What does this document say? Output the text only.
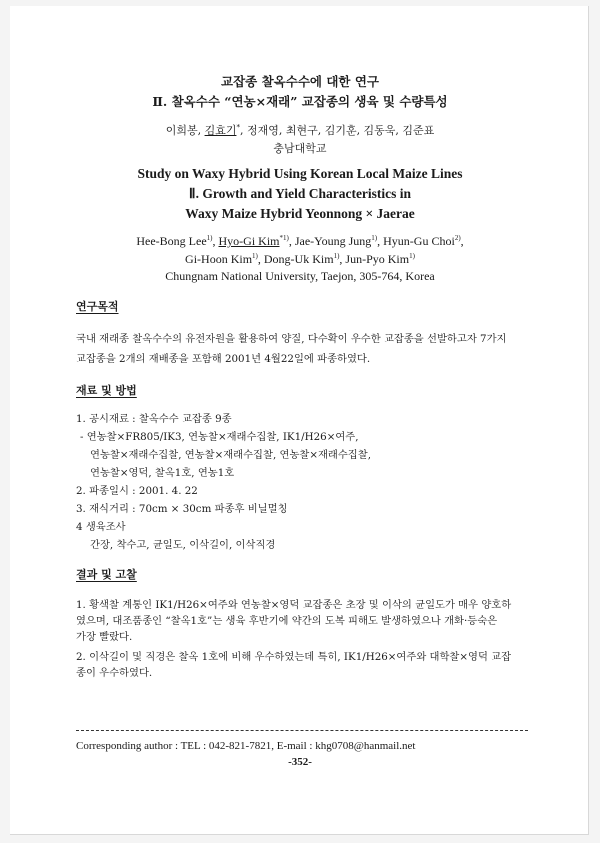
교잡종 찰옥수수에 대한 연구
Ⅱ. 찰옥수수 “연농×재래” 교잡종의 생육 및 수량특성
이희봉, 김효기*, 정재영, 최현구, 김기훈, 김동욱, 김준표
충남대학교
Study on Waxy Hybrid Using Korean Local Maize Lines
Ⅱ. Growth and Yield Characteristics in
Waxy Maize Hybrid Yeonnong × Jaerae
Hee-Bong Lee$^{1)}$, Hyo-Gi Kim$^{*1)}$, Jae-Young Jung$^{1)}$, Hyun-Gu Choi$^{2)}$,
Gi-Hoon Kim$^{1)}$, Dong-Uk Kim$^{1)}$, Jun-Pyo Kim$^{1)}$
Chungnam National University, Taejon, 305-764, Korea
연구목적
국내 재래종 찰옥수수의 유전자원을 활용하여 양질, 다수확이 우수한 교잡종을 선발하고자 7가지
교잡종을 2개의 재배종을 포함해 2001년 4월22일에 파종하였다.
재료 및 방법
1. 공시재료 : 찰옥수수 교잡종 9종
- 연농찰×FR805/IK3, 연농찰×재래수집찰, IK1/H26×여주,
연농찰×재래수집찰, 연농찰×재래수집찰, 연농찰×재래수집찰,
연농찰×영덕, 찰옥1호, 연농1호
2. 파종일시 : 2001. 4. 22
3. 재식거리 : 70cm × 30cm 파종후 비닐멀칭
4 생육조사
간장, 착수고, 균일도, 이삭길이, 이삭직경
결과 및 고찰
1. 황색찰 계통인 IK1/H26×여주와 연농찰×영덕 교잡종은 초장 및 이삭의 균일도가 매우 양호하
였으며, 대조품종인 “찰옥1호”는 생육 후반기에 약간의 도복 피해도 발생하였으나 개화·등숙은
가장 빨랐다.
2. 이삭길이 및 직경은 찰옥 1호에 비해 우수하였는데 특히, IK1/H26×여주와 대학찰×영덕 교잡
종이 우수하였다.
Corresponding author : TEL : 042-821-7821, E-mail : khg0708@hanmail.net
-352-
